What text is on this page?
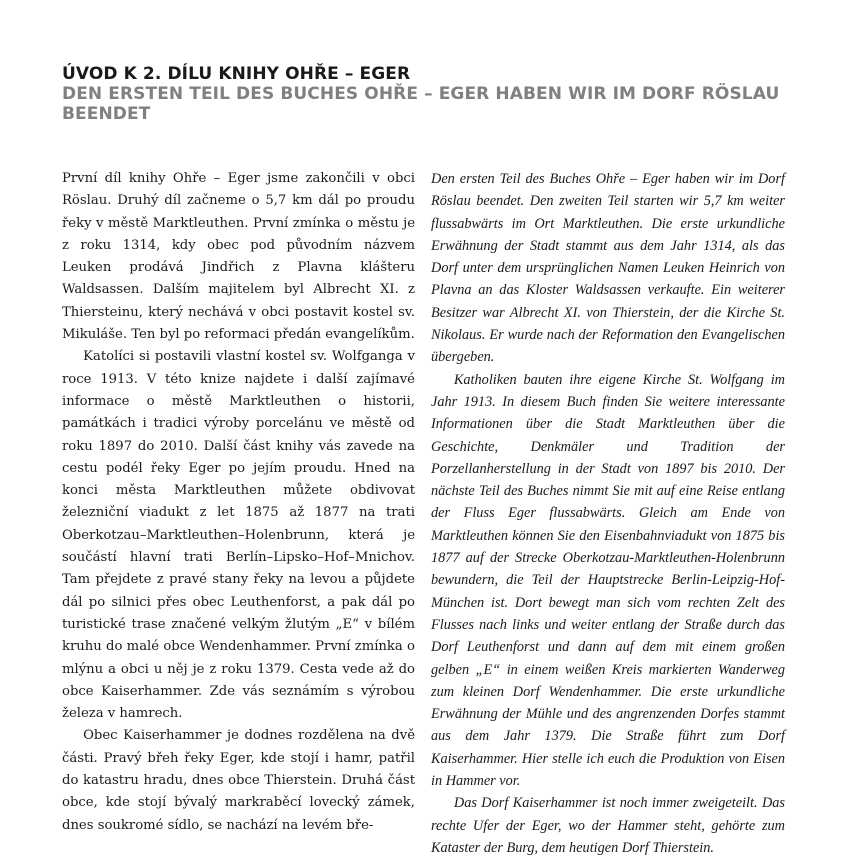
ÚVOD K 2. DÍLU KNIHY OHŘE – EGER
DEN ERSTEN TEIL DES BUCHES OHŘE – EGER HABEN WIR IM DORF RÖSLAU BEENDET

První díl knihy Ohře – Eger jsme zakončili v obci Röslau. Druhý díl začneme o 5,7 km dál po proudu řeky v městě Marktleuthen. První zmínka o městu je z roku 1314, kdy obec pod původním názvem Leuken prodává Jindřich z Plavna klášteru Waldsassen. Dalším majitelem byl Albrecht XI. z Thiersteinu, který nechává v obci postavit kostel sv. Mikuláše. Ten byl po reformaci předán evangelíkům.

Katolíci si postavili vlastní kostel sv. Wolfganga v roce 1913. V této knize najdete i další zajímavé informace o městě Marktleuthen o historii, památkách i tradici výroby porcelánu ve městě od roku 1897 do 2010. Další část knihy vás zavede na cestu podél řeky Eger po jejím proudu. Hned na konci města Marktleuthen můžete obdivovat železniční viadukt z let 1875 až 1877 na trati Oberkotzau–Marktleuthen–Holenbrunn, která je součástí hlavní trati Berlín–Lipsko–Hof–Mnichov. Tam přejdete z pravé stany řeky na levou a půjdete dál po silnici přes obec Leuthenforst, a pak dál po turistické trase značené velkým žlutým „E“ v bílém kruhu do malé obce Wendenhammer. První zmínka o mlýnu a obci u něj je z roku 1379. Cesta vede až do obce Kaiserhammer. Zde vás seznámím s výrobou železa v hamrech.

Obec Kaiserhammer je dodnes rozdělena na dvě části. Pravý břeh řeky Eger, kde stojí i hamr, patřil do katastru hradu, dnes obce Thierstein. Druhá část obce, kde stojí bývalý markraběcí lovecký zámek, dnes soukromé sídlo, se nachází na levém bře-

Den ersten Teil des Buches Ohře – Eger haben wir im Dorf Röslau beendet. Den zweiten Teil starten wir 5,7 km weiter flussabwärts im Ort Marktleuthen. Die erste urkundliche Erwähnung der Stadt stammt aus dem Jahr 1314, als das Dorf unter dem ursprünglichen Namen Leuken Heinrich von Plavna an das Kloster Waldsassen verkaufte. Ein weiterer Besitzer war Albrecht XI. von Thierstein, der die Kirche St. Nikolaus. Er wurde nach der Reformation den Evangelischen übergeben.

Katholiken bauten ihre eigene Kirche St. Wolfgang im Jahr 1913. In diesem Buch finden Sie weitere interessante Informationen über die Stadt Marktleuthen über die Geschichte, Denkmäler und Tradition der Porzellanherstellung in der Stadt von 1897 bis 2010. Der nächste Teil des Buches nimmt Sie mit auf eine Reise entlang der Fluss Eger flussabwärts. Gleich am Ende von Marktleuthen können Sie den Eisenbahnviadukt von 1875 bis 1877 auf der Strecke Oberkotzau-Marktleuthen-Holenbrunn bewundern, die Teil der Hauptstrecke Berlin-Leipzig-Hof-München ist. Dort bewegt man sich vom rechten Zelt des Flusses nach links und weiter entlang der Straße durch das Dorf Leuthenforst und dann auf dem mit einem großen gelben „E“ in einem weißen Kreis markierten Wanderweg zum kleinen Dorf Wendenhammer. Die erste urkundliche Erwähnung der Mühle und des angrenzenden Dorfes stammt aus dem Jahr 1379. Die Straße führt zum Dorf Kaiserhammer. Hier stelle ich euch die Produktion von Eisen in Hammer vor.

Das Dorf Kaiserhammer ist noch immer zweigeteilt. Das rechte Ufer der Eger, wo der Hammer steht, gehörte zum Kataster der Burg, dem heutigen Dorf Thierstein.
